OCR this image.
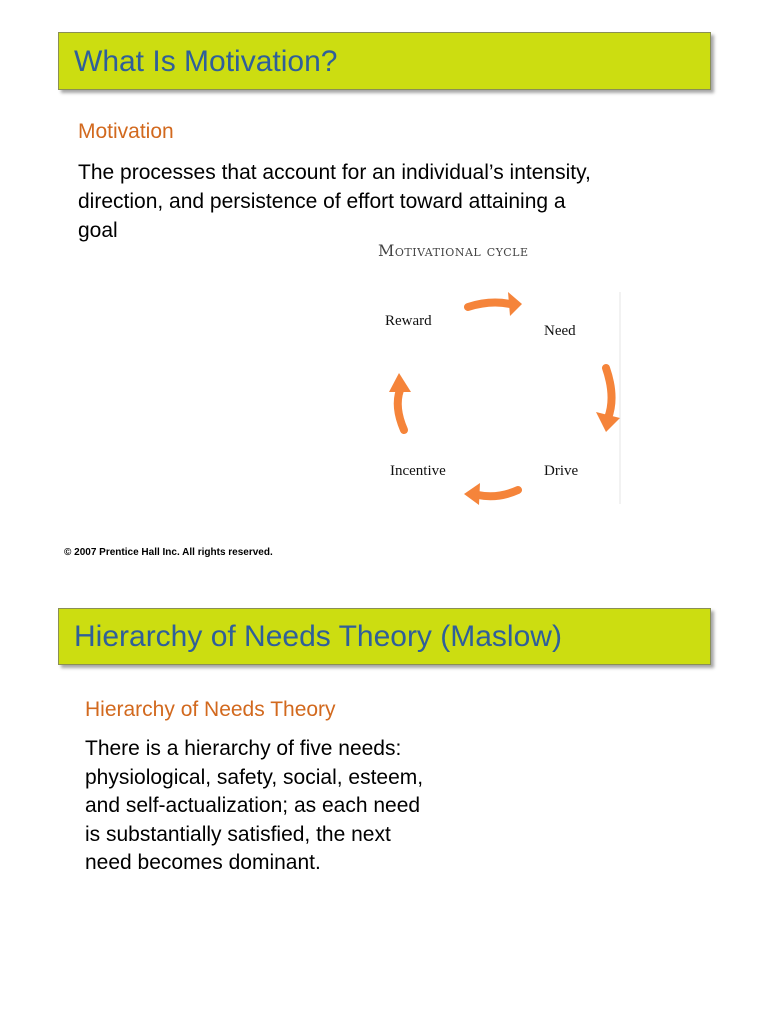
What Is Motivation?
Motivation
The processes that account for an individual’s intensity,
direction, and persistence of effort toward attaining a
goal
Motivational cycle
Reward
Need
Drive
Incentive

© 2007 Prentice Hall Inc. All rights reserved.

Hierarchy of Needs Theory (Maslow)
Hierarchy of Needs Theory
There is a hierarchy of five needs:
physiological, safety, social, esteem,
and self-actualization; as each need
is substantially satisfied, the next
need becomes dominant.
